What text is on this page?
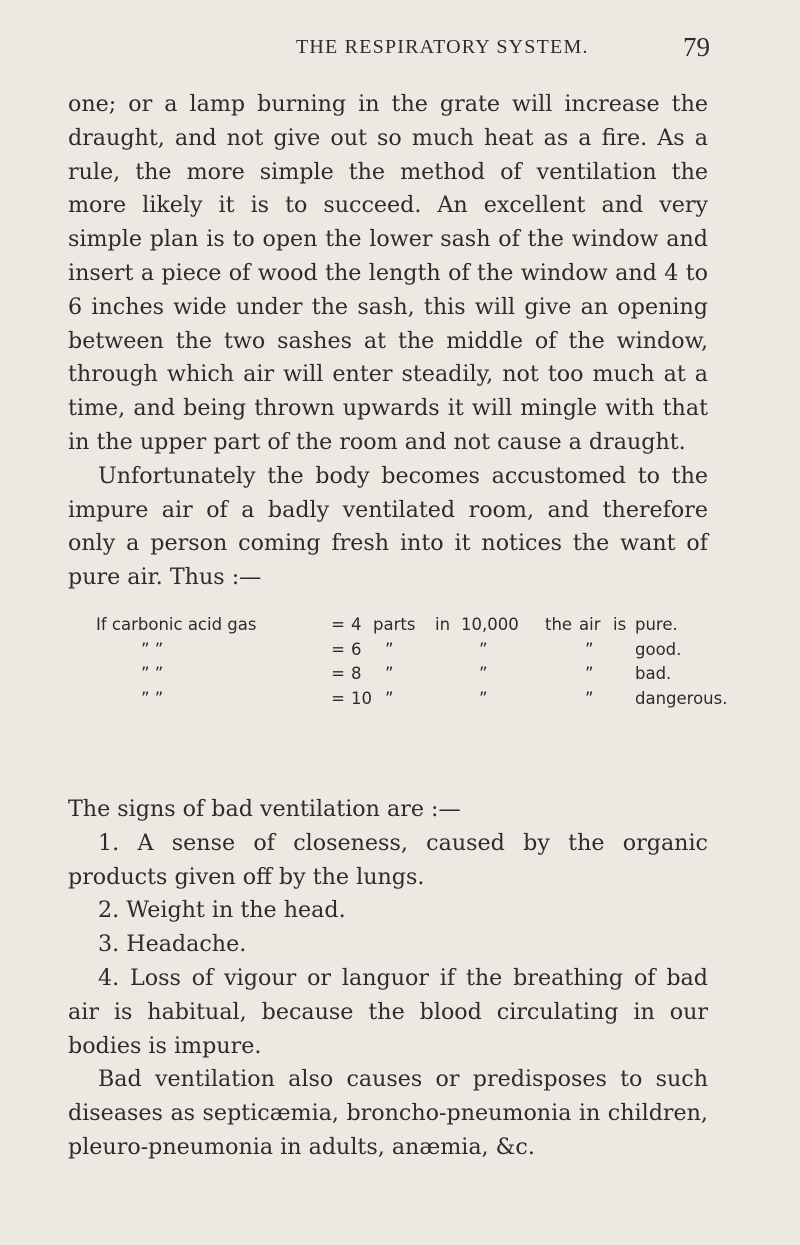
THE RESPIRATORY SYSTEM.	79

one; or a lamp burning in the grate will increase the draught, and not give out so much heat as a fire. As a rule, the more simple the method of ventilation the more likely it is to succeed. An excellent and very simple plan is to open the lower sash of the window and insert a piece of wood the length of the window and 4 to 6 inches wide under the sash, this will give an opening between the two sashes at the middle of the window, through which air will enter steadily, not too much at a time, and being thrown upwards it will mingle with that in the upper part of the room and not cause a draught.

Unfortunately the body becomes accustomed to the impure air of a badly ventilated room, and therefore only a person coming fresh into it notices the want of pure air. Thus :—

If carbonic acid gas	=	4	parts	in	10,000	the	air	is	pure.
” ”	=	6	”		”		”		good.
” ”	=	8	”		”		”		bad.
” ”	=	10	”		”		”		dangerous.

The signs of bad ventilation are :—

1. A sense of closeness, caused by the organic products given off by the lungs.

2. Weight in the head.

3. Headache.

4. Loss of vigour or languor if the breathing of bad air is habitual, because the blood circulating in our bodies is impure.

Bad ventilation also causes or predisposes to such diseases as septicæmia, broncho-pneumonia in children, pleuro-pneumonia in adults, anæmia, &c.
